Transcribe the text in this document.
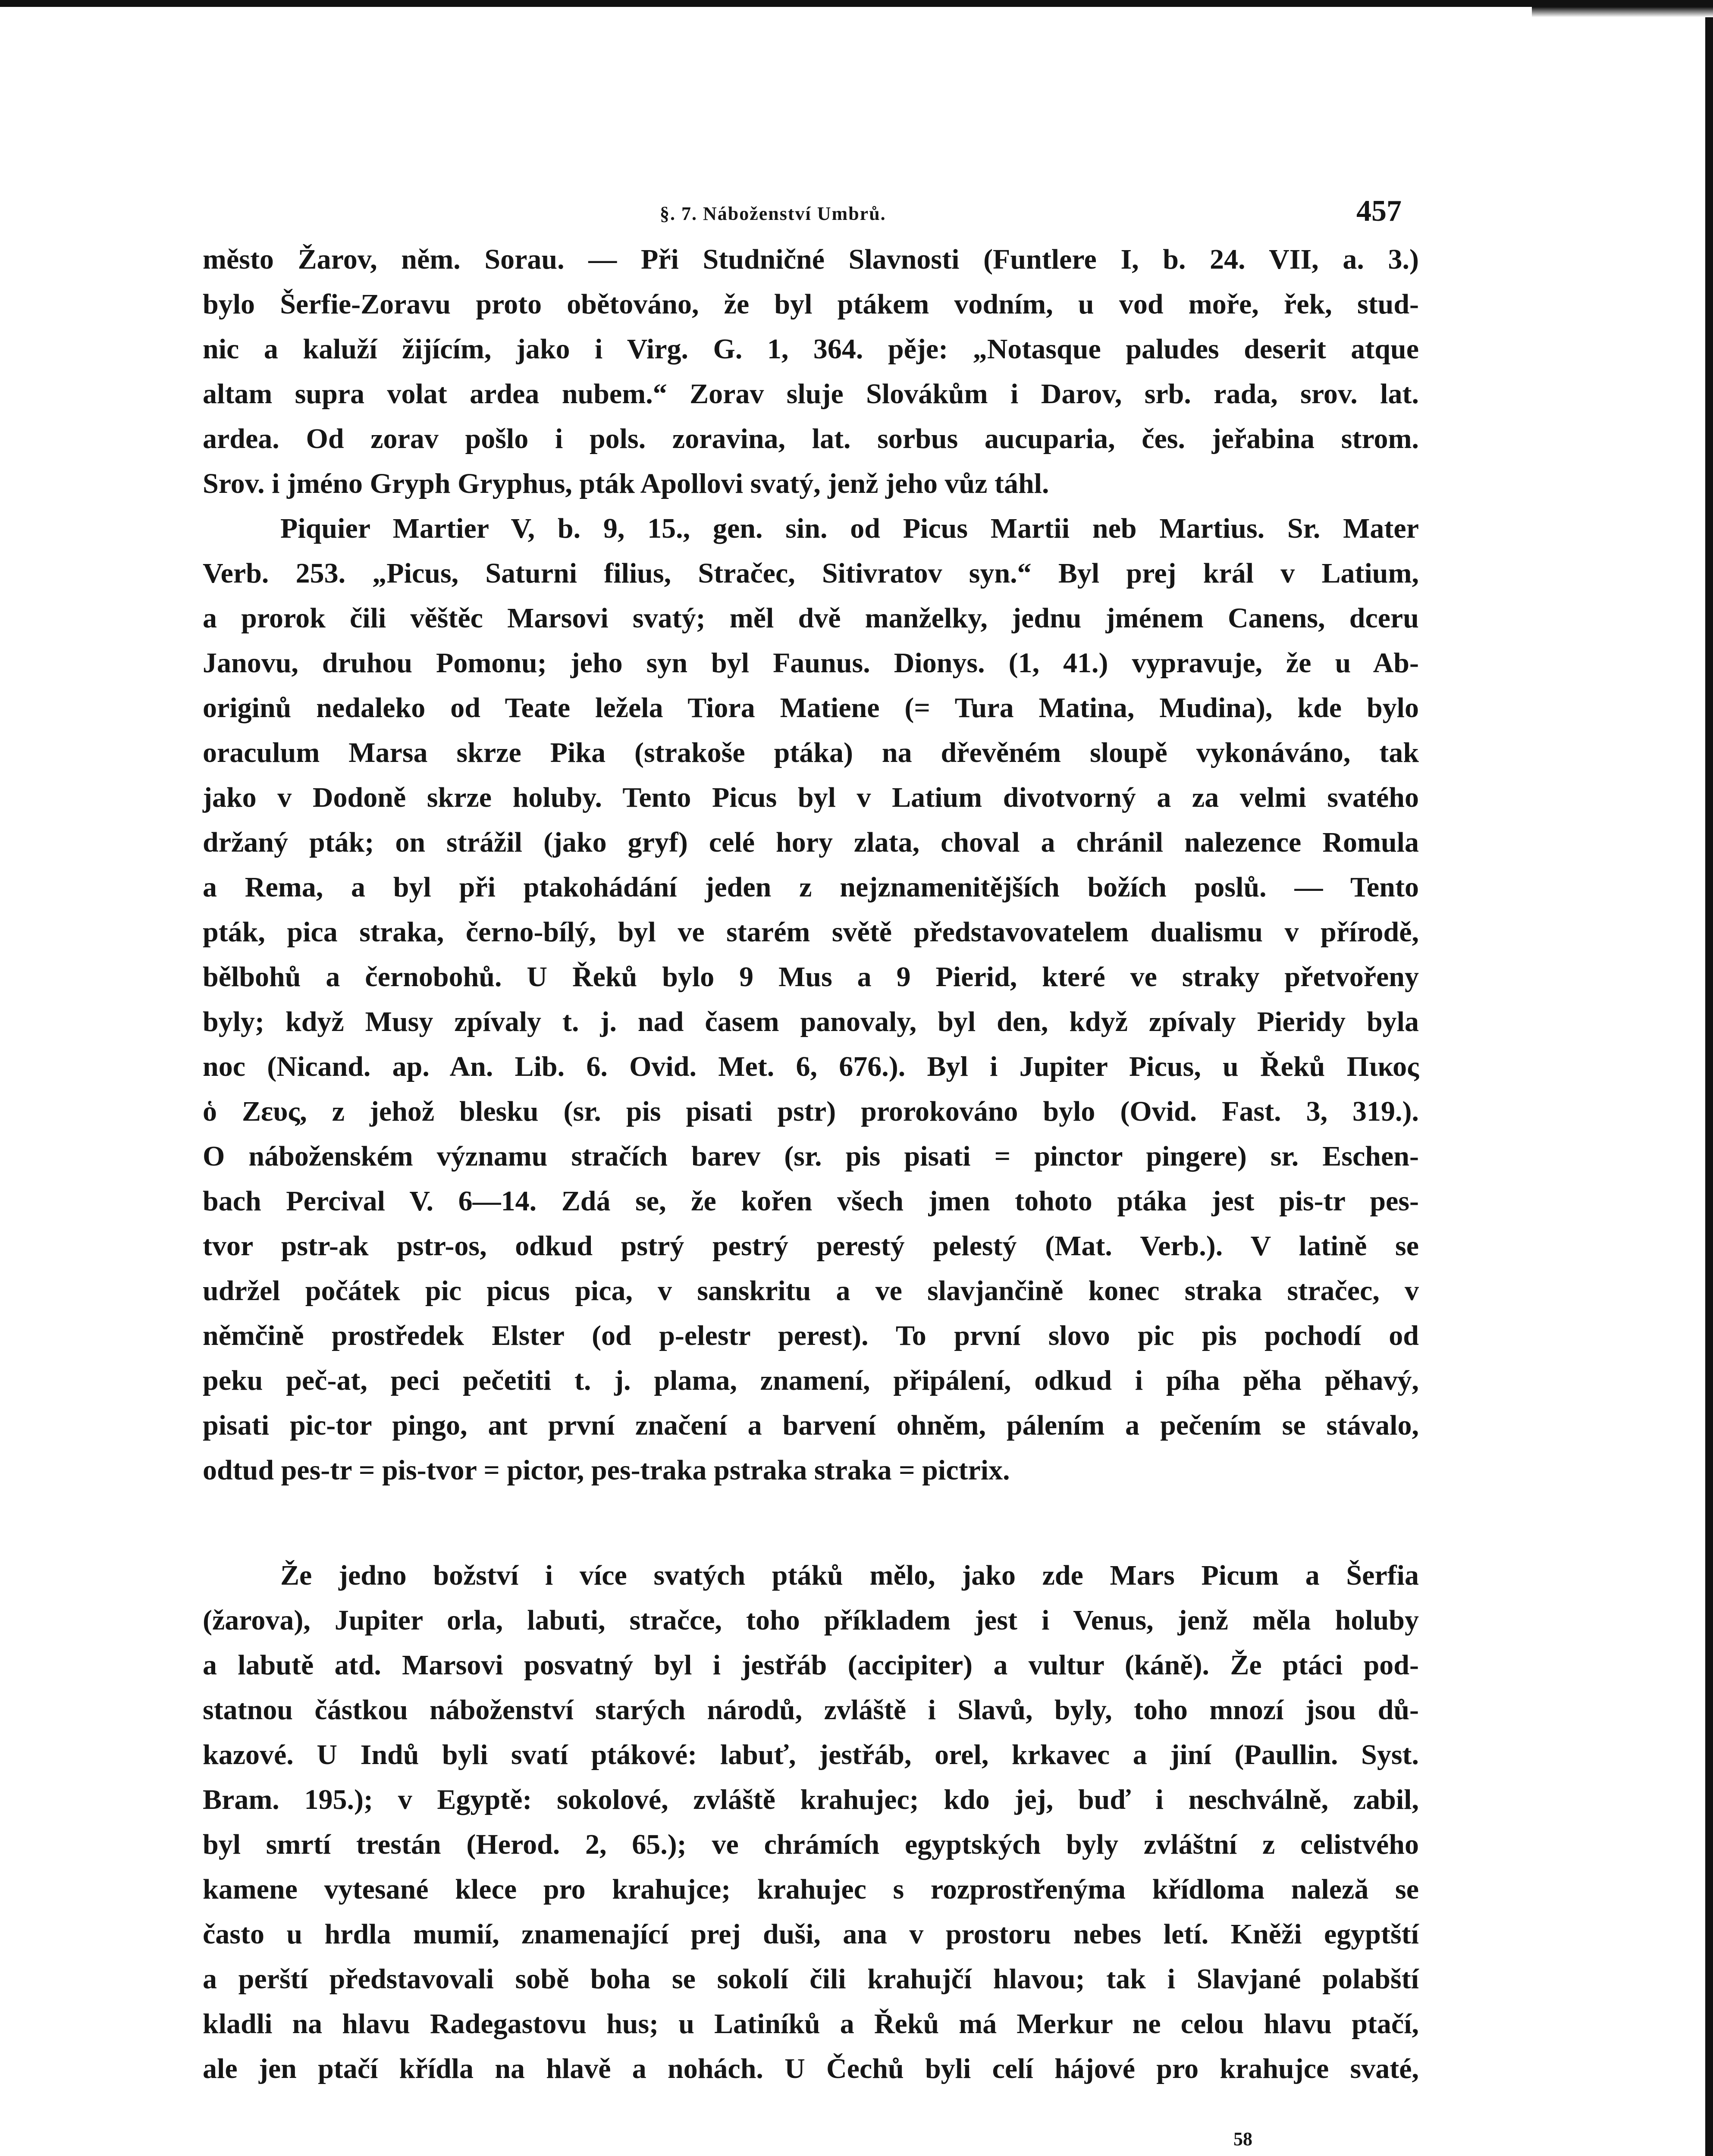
§. 7. Náboženství Umbrů.	457
město Žarov, něm. Sorau. — Při Studničné Slavnosti (Funtlere I, b. 24. VII, a. 3.)
bylo Šerfie-Zoravu proto obětováno, že byl ptákem vodním, u vod moře, řek, stud-
nic a kaluží žijícím, jako i Virg. G. 1, 364. pěje: „Notasque paludes deserit atque
altam supra volat ardea nubem.“ Zorav sluje Slovákům i Darov, srb. rada, srov. lat.
ardea. Od zorav pošlo i pols. zoravina, lat. sorbus aucuparia, čes. jeřabina strom.
Srov. i jméno Gryph Gryphus, pták Apollovi svatý, jenž jeho vůz táhl.
Piquier Martier V, b. 9, 15., gen. sin. od Picus Martii neb Martius. Sr. Mater
Verb. 253. „Picus, Saturni filius, Stračec, Sitivratov syn.“ Byl prej král v Latium,
a prorok čili věštěc Marsovi svatý; měl dvě manželky, jednu jménem Canens, dceru
Janovu, druhou Pomonu; jeho syn byl Faunus. Dionys. (1, 41.) vypravuje, že u Ab-
originů nedaleko od Teate ležela Tiora Matiene (= Tura Matina, Mudina), kde bylo
oraculum Marsa skrze Pika (strakoše ptáka) na dřevěném sloupě vykonáváno, tak
jako v Dodoně skrze holuby. Tento Picus byl v Latium divotvorný a za velmi svatého
držaný pták; on strážil (jako gryf) celé hory zlata, choval a chránil nalezence Romula
a Rema, a byl při ptakohádání jeden z nejznamenitějších božích poslů. — Tento
pták, pica straka, černo-bílý, byl ve starém světě představovatelem dualismu v přírodě,
bělbohů a černobohů. U Řeků bylo 9 Mus a 9 Pierid, které ve straky přetvořeny
byly; když Musy zpívaly t. j. nad časem panovaly, byl den, když zpívaly Pieridy byla
noc (Nicand. ap. An. Lib. 6. Ovid. Met. 6, 676.). Byl i Jupiter Picus, u Řeků Πικος
ὁ Ζευς, z jehož blesku (sr. pis pisati pstr) prorokováno bylo (Ovid. Fast. 3, 319.).
O náboženském významu stračích barev (sr. pis pisati = pinctor pingere) sr. Eschen-
bach Percival V. 6—14. Zdá se, že kořen všech jmen tohoto ptáka jest pis-tr pes-
tvor pstr-ak pstr-os, odkud pstrý pestrý perestý pelestý (Mat. Verb.). V latině se
udržel počátek pic picus pica, v sanskritu a ve slavjančině konec straka stračec, v
němčině prostředek Elster (od p-elestr perest). To první slovo pic pis pochodí od
peku peč-at, peci pečetiti t. j. plama, znamení, připálení, odkud i píha pěha pěhavý,
pisati pic-tor pingo, ant první značení a barvení ohněm, pálením a pečením se stávalo,
odtud pes-tr = pis-tvor = pictor, pes-traka pstraka straka = pictrix.
Že jedno božství i více svatých ptáků mělo, jako zde Mars Picum a Šerfia
(žarova), Jupiter orla, labuti, stračce, toho příkladem jest i Venus, jenž měla holuby
a labutě atd. Marsovi posvatný byl i jestřáb (accipiter) a vultur (káně). Že ptáci pod-
statnou částkou náboženství starých národů, zvláště i Slavů, byly, toho mnozí jsou dů-
kazové. U Indů byli svatí ptákové: labuť, jestřáb, orel, krkavec a jiní (Paullin. Syst.
Bram. 195.); v Egyptě: sokolové, zvláště krahujec; kdo jej, buď i neschválně, zabil,
byl smrtí trestán (Herod. 2, 65.); ve chrámích egyptských byly zvláštní z celistvého
kamene vytesané klece pro krahujce; krahujec s rozprostřenýma křídloma naleză se
často u hrdla mumií, znamenající prej duši, ana v prostoru nebes letí. Kněži egyptští
a perští představovali sobě boha se sokolí čili krahujčí hlavou; tak i Slavjané polabští
kladli na hlavu Radegastovu hus; u Latiníků a Řeků má Merkur ne celou hlavu ptačí,
ale jen ptačí křídla na hlavě a nohách. U Čechů byli celí hájové pro krahujce svaté,
58
